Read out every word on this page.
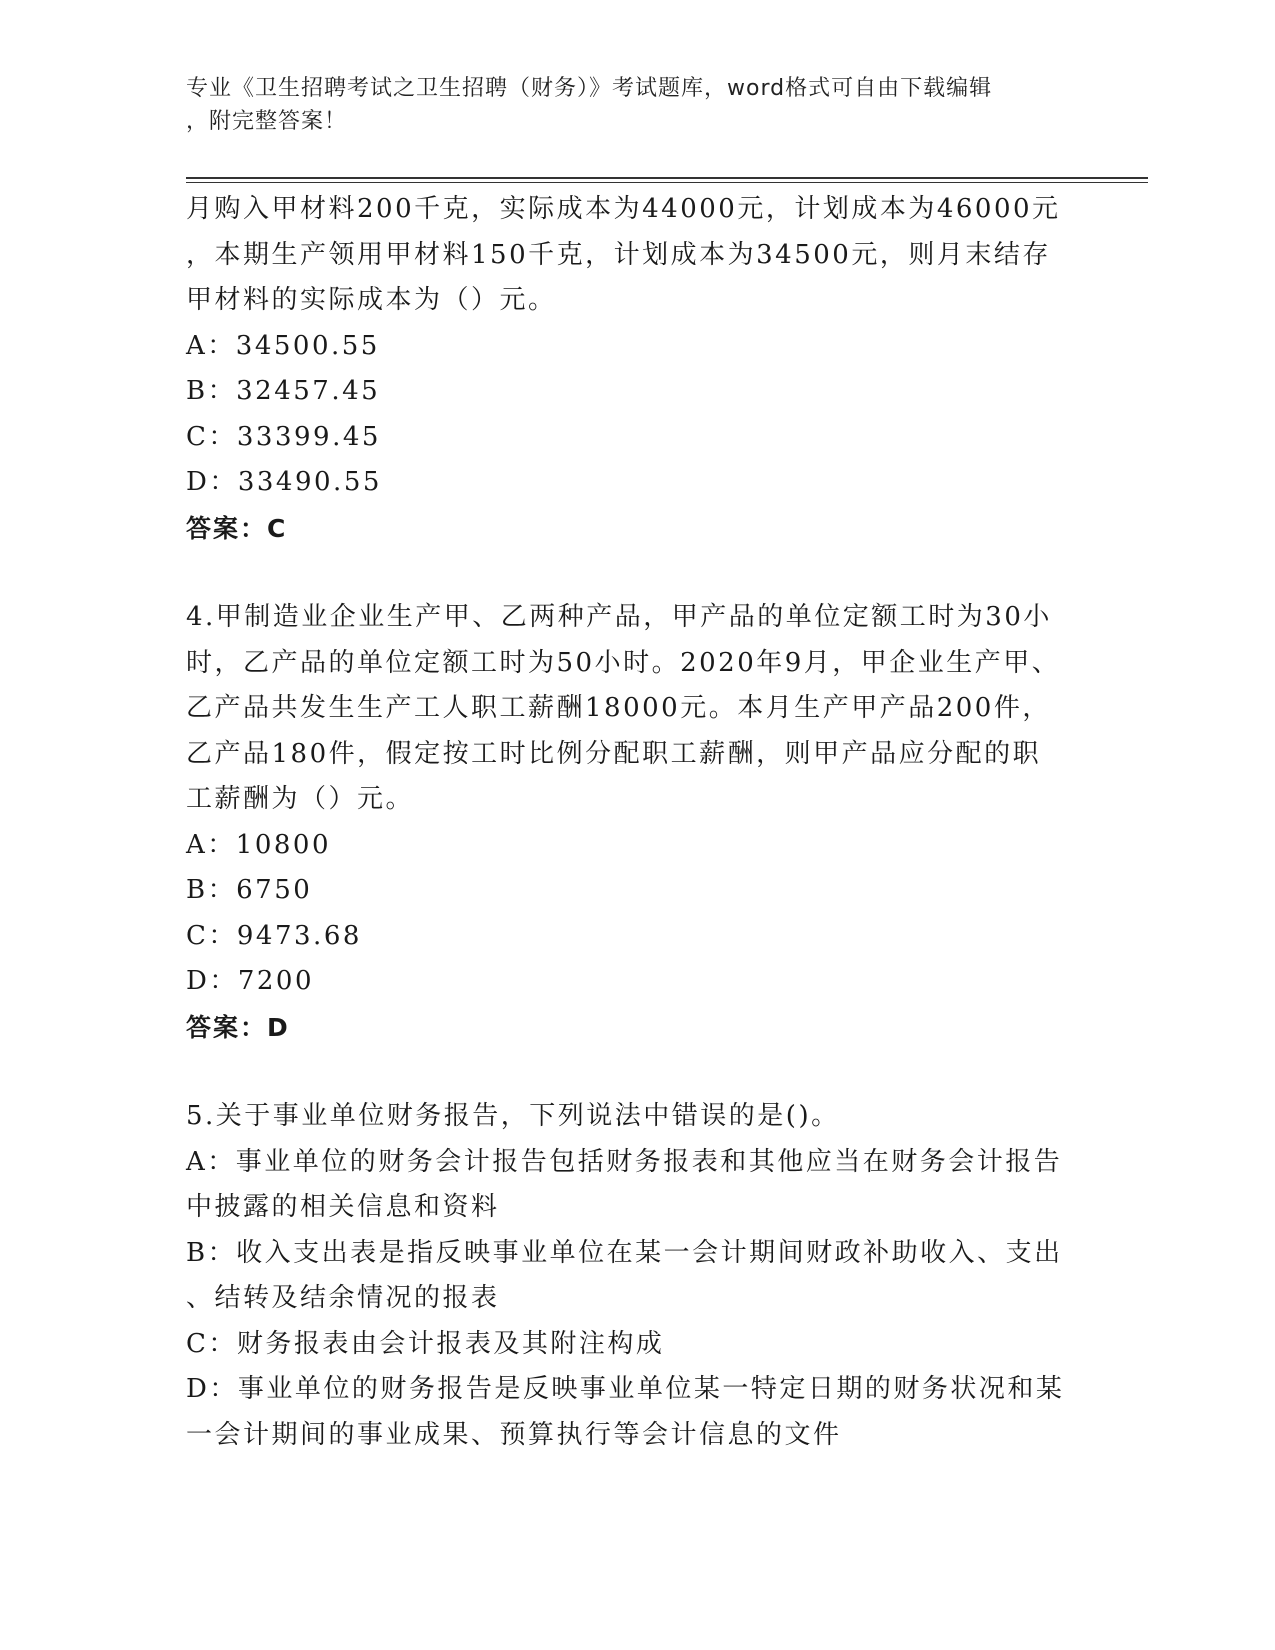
专业《卫生招聘考试之卫生招聘（财务）》考试题库，word格式可自由下载编辑
，附完整答案！
月购入甲材料200千克，实际成本为44000元，计划成本为46000元
，本期生产领用甲材料150千克，计划成本为34500元，则月末结存
甲材料的实际成本为（）元。
A：34500.55
B：32457.45
C：33399.45
D：33490.55
答案：C
4.甲制造业企业生产甲、乙两种产品，甲产品的单位定额工时为30小
时，乙产品的单位定额工时为50小时。2020年9月，甲企业生产甲、
乙产品共发生生产工人职工薪酬18000元。本月生产甲产品200件，
乙产品180件，假定按工时比例分配职工薪酬，则甲产品应分配的职
工薪酬为（）元。
A：10800
B：6750
C：9473.68
D：7200
答案：D
5.关于事业单位财务报告，下列说法中错误的是()。
A：事业单位的财务会计报告包括财务报表和其他应当在财务会计报告
中披露的相关信息和资料
B：收入支出表是指反映事业单位在某一会计期间财政补助收入、支出
、结转及结余情况的报表
C：财务报表由会计报表及其附注构成
D：事业单位的财务报告是反映事业单位某一特定日期的财务状况和某
一会计期间的事业成果、预算执行等会计信息的文件
